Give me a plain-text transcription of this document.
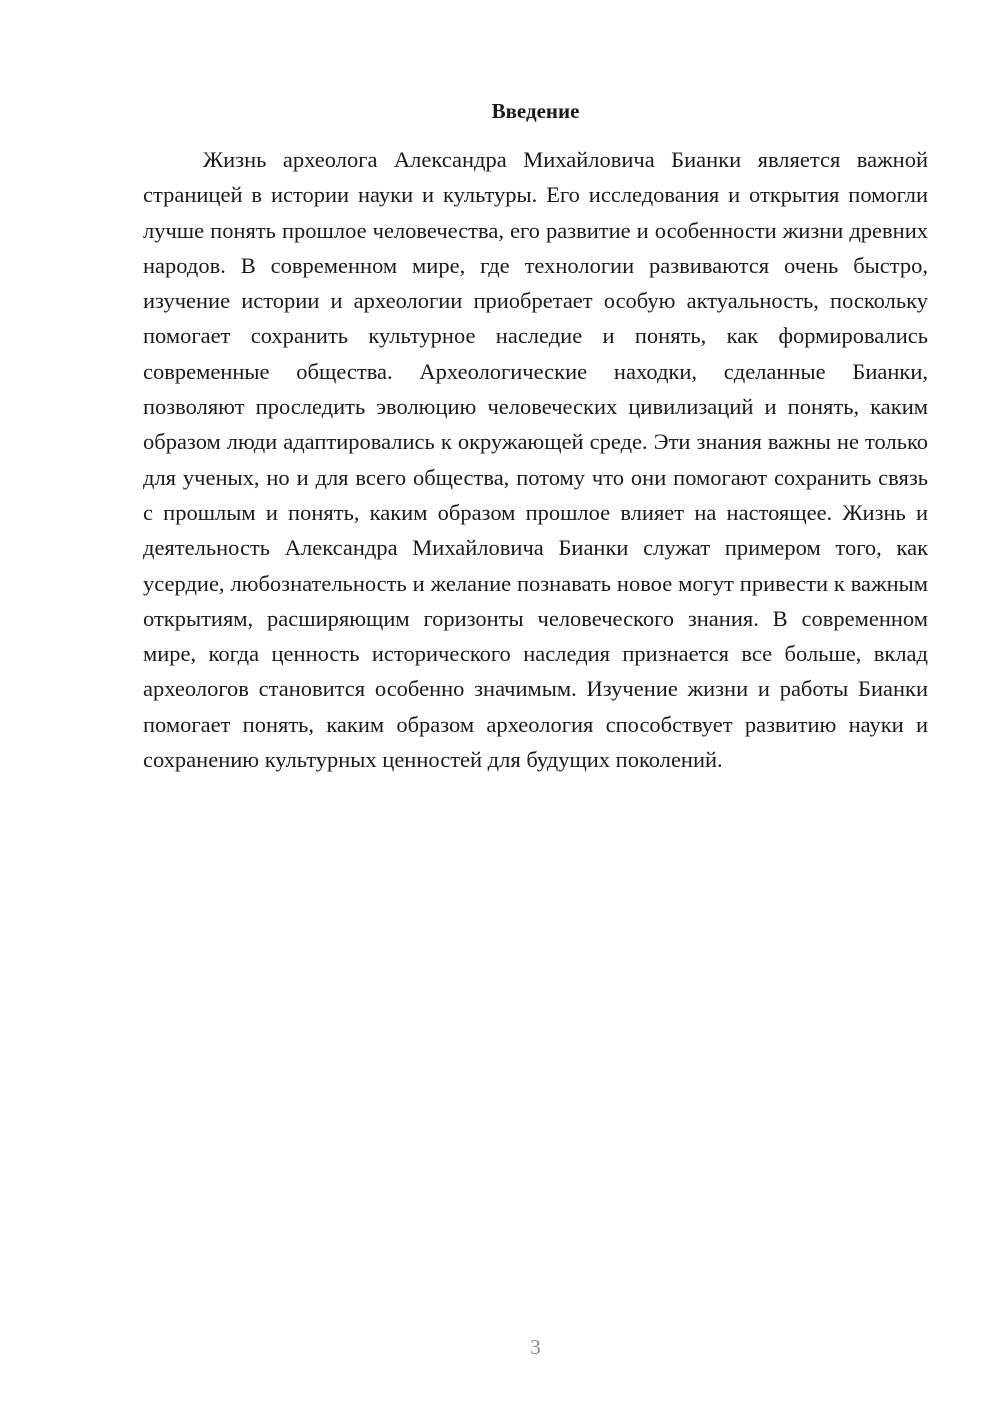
Введение

Жизнь археолога Александра Михайловича Бианки является важной страницей в истории науки и культуры. Его исследования и открытия помогли лучше понять прошлое человечества, его развитие и особенности жизни древних народов. В современном мире, где технологии развиваются очень быстро, изучение истории и археологии приобретает особую актуальность, поскольку помогает сохранить культурное наследие и понять, как формировались современные общества. Археологические находки, сделанные Бианки, позволяют проследить эволюцию человеческих цивилизаций и понять, каким образом люди адаптировались к окружающей среде. Эти знания важны не только для ученых, но и для всего общества, потому что они помогают сохранить связь с прошлым и понять, каким образом прошлое влияет на настоящее. Жизнь и деятельность Александра Михайловича Бианки служат примером того, как усердие, любознательность и желание познавать новое могут привести к важным открытиям, расширяющим горизонты человеческого знания. В современном мире, когда ценность исторического наследия признается все больше, вклад археологов становится особенно значимым. Изучение жизни и работы Бианки помогает понять, каким образом археология способствует развитию науки и сохранению культурных ценностей для будущих поколений.

3
